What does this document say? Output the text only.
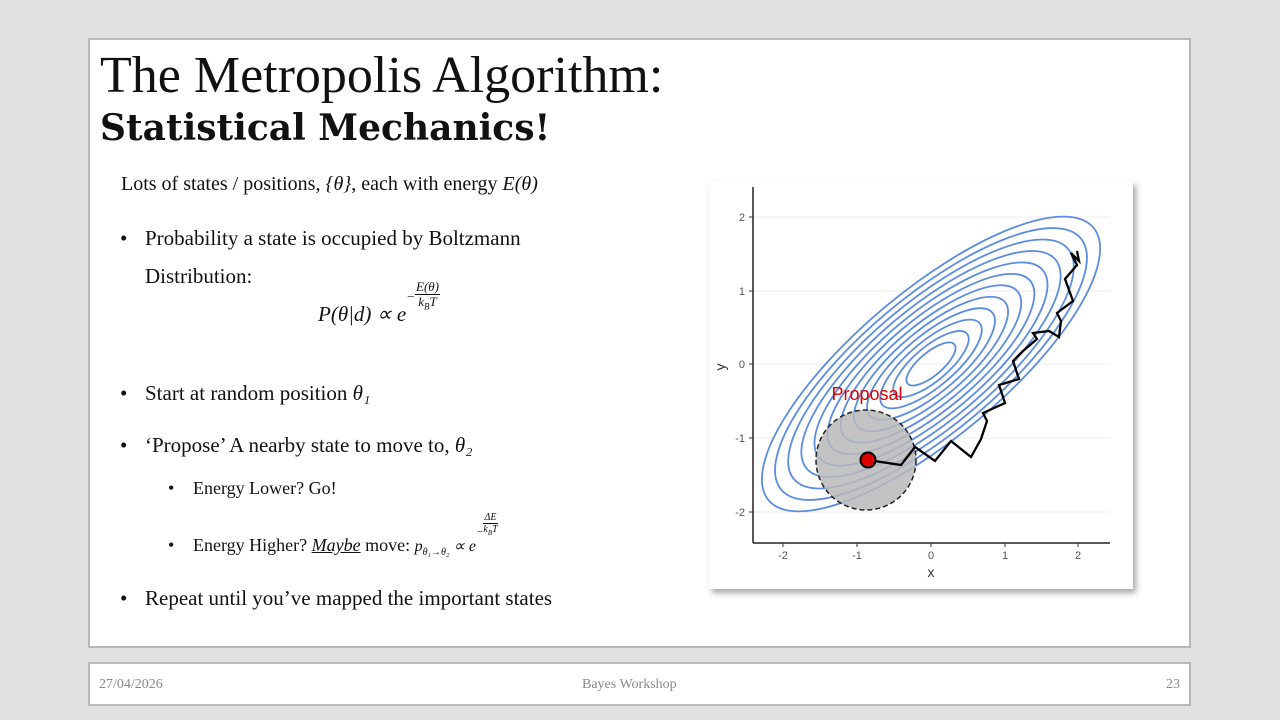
The Metropolis Algorithm:
Statistical Mechanics!
Lots of states / positions, {θ}, each with energy E(θ)
• Probability a state is occupied by Boltzmann
Distribution:
$P(\theta|d) \propto e^- \frac{E(\theta)}{k_BT}$
• Start at random position θ₁
• ‘Propose’ A nearby state to move to, θ₂
• Energy Lower? Go!
• Energy Higher? Maybe move: $p_{\theta_1\to\theta_2} \propto e^- \frac{\Delta E}{k_BT}$
• Repeat until you’ve mapped the important states
Proposal
2
1
0
-1
-2
-2	-1	0	1	2
x
y
27/04/2026	Bayes Workshop	23
